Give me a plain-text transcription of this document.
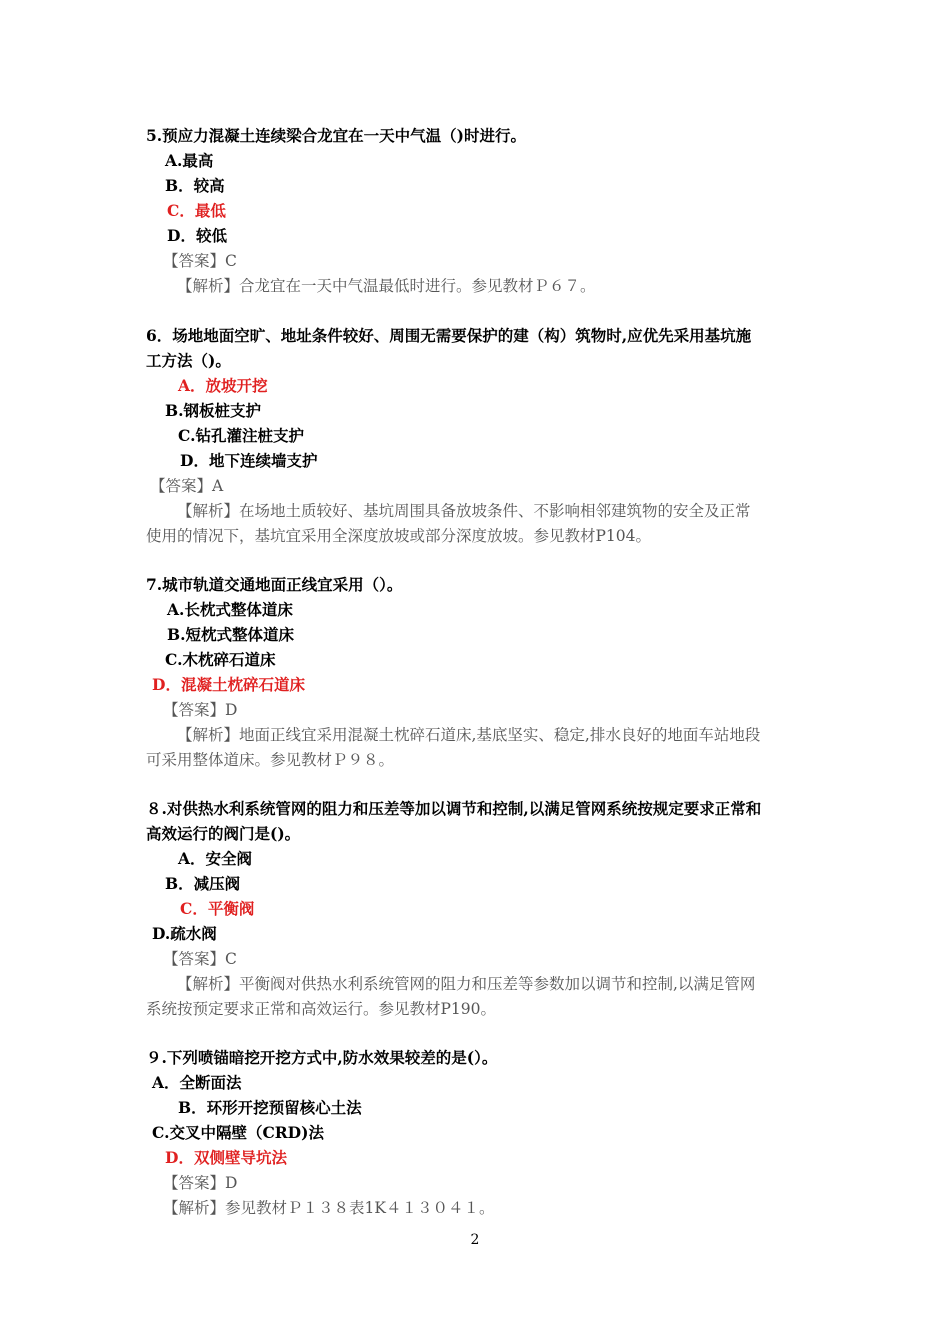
5.预应力混凝土连续梁合龙宜在一天中气温（)时进行。
A.最高
B．较高
C．最低
D．较低
【答案】C
【解析】合龙宜在一天中气温最低时进行。参见教材Ｐ６７。
6．场地地面空旷、地址条件较好、周围无需要保护的建（构）筑物时,应优先采用基坑施
工方法（)。
A．放坡开挖
B.钢板桩支护
C.钻孔灌注桩支护
D．地下连续墙支护
【答案】A
【解析】在场地土质较好、基坑周围具备放坡条件、不影响相邻建筑物的安全及正常
使用的情况下，基坑宜采用全深度放坡或部分深度放坡。参见教材P104。
7.城市轨道交通地面正线宜采用（）。
A.长枕式整体道床
B.短枕式整体道床
C.木枕碎石道床
D．混凝土枕碎石道床
【答案】D
【解析】地面正线宜采用混凝土枕碎石道床,基底坚实、稳定,排水良好的地面车站地段
可采用整体道床。参见教材Ｐ９８。
８.对供热水利系统管网的阻力和压差等加以调节和控制,以满足管网系统按规定要求正常和
高效运行的阀门是()。
A．安全阀
B．减压阀
C．平衡阀
D.疏水阀
【答案】C
【解析】平衡阀对供热水利系统管网的阻力和压差等参数加以调节和控制,以满足管网
系统按预定要求正常和高效运行。参见教材P190。
９.下列喷锚暗挖开挖方式中,防水效果较差的是(）。
A．全断面法
B．环形开挖预留核心土法
C.交叉中隔壁（CRD)法
D．双侧壁导坑法
【答案】D
【解析】参见教材Ｐ１３８表1K４１３０４１。
2
